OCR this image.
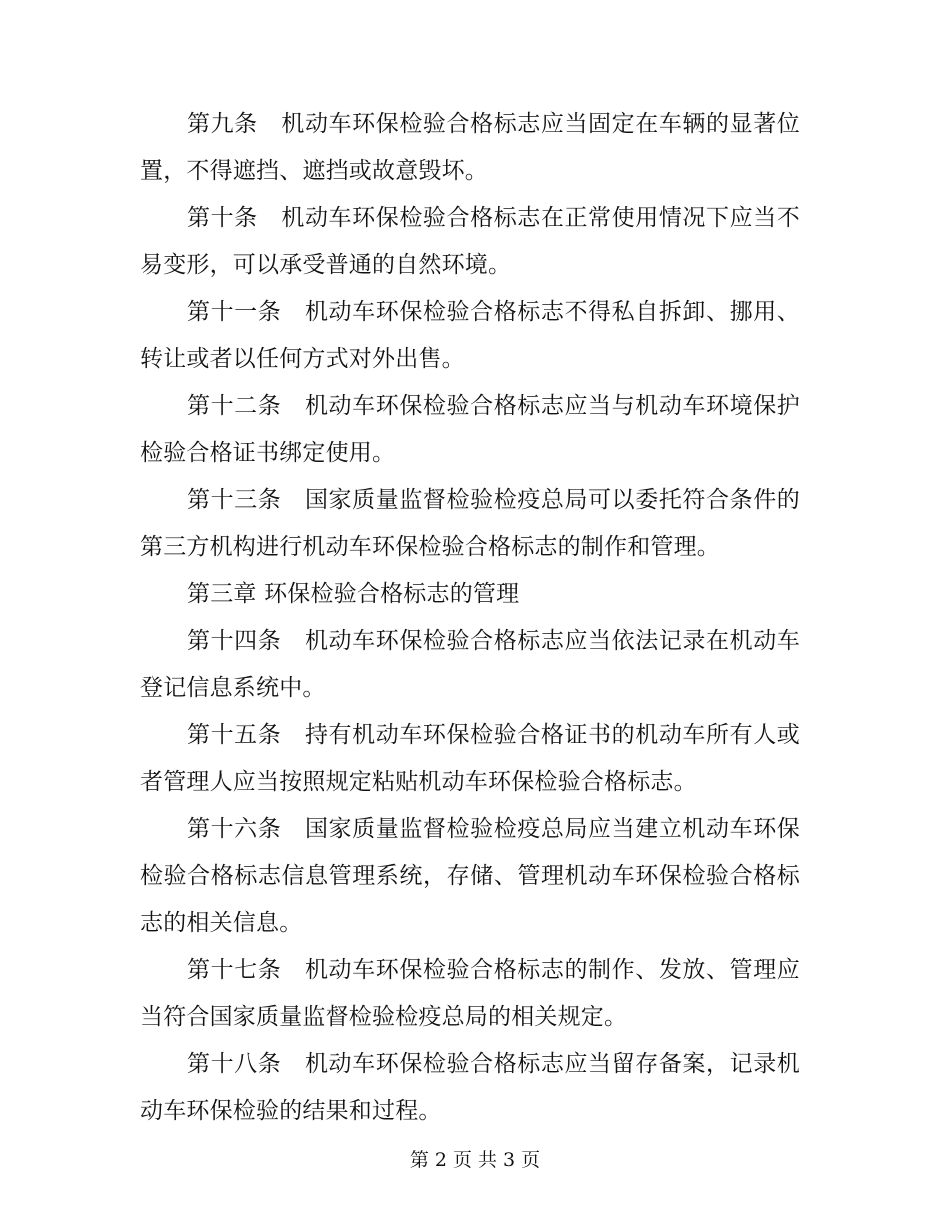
第九条　机动车环保检验合格标志应当固定在车辆的显著位置，不得遮挡、遮挡或故意毁坏。

第十条　机动车环保检验合格标志在正常使用情况下应当不易变形，可以承受普通的自然环境。

第十一条　机动车环保检验合格标志不得私自拆卸、挪用、转让或者以任何方式对外出售。

第十二条　机动车环保检验合格标志应当与机动车环境保护检验合格证书绑定使用。

第十三条　国家质量监督检验检疫总局可以委托符合条件的第三方机构进行机动车环保检验合格标志的制作和管理。

第三章 环保检验合格标志的管理

第十四条　机动车环保检验合格标志应当依法记录在机动车登记信息系统中。

第十五条　持有机动车环保检验合格证书的机动车所有人或者管理人应当按照规定粘贴机动车环保检验合格标志。

第十六条　国家质量监督检验检疫总局应当建立机动车环保检验合格标志信息管理系统，存储、管理机动车环保检验合格标志的相关信息。

第十七条　机动车环保检验合格标志的制作、发放、管理应当符合国家质量监督检验检疫总局的相关规定。

第十八条　机动车环保检验合格标志应当留存备案，记录机动车环保检验的结果和过程。

第 2 页 共 3 页
